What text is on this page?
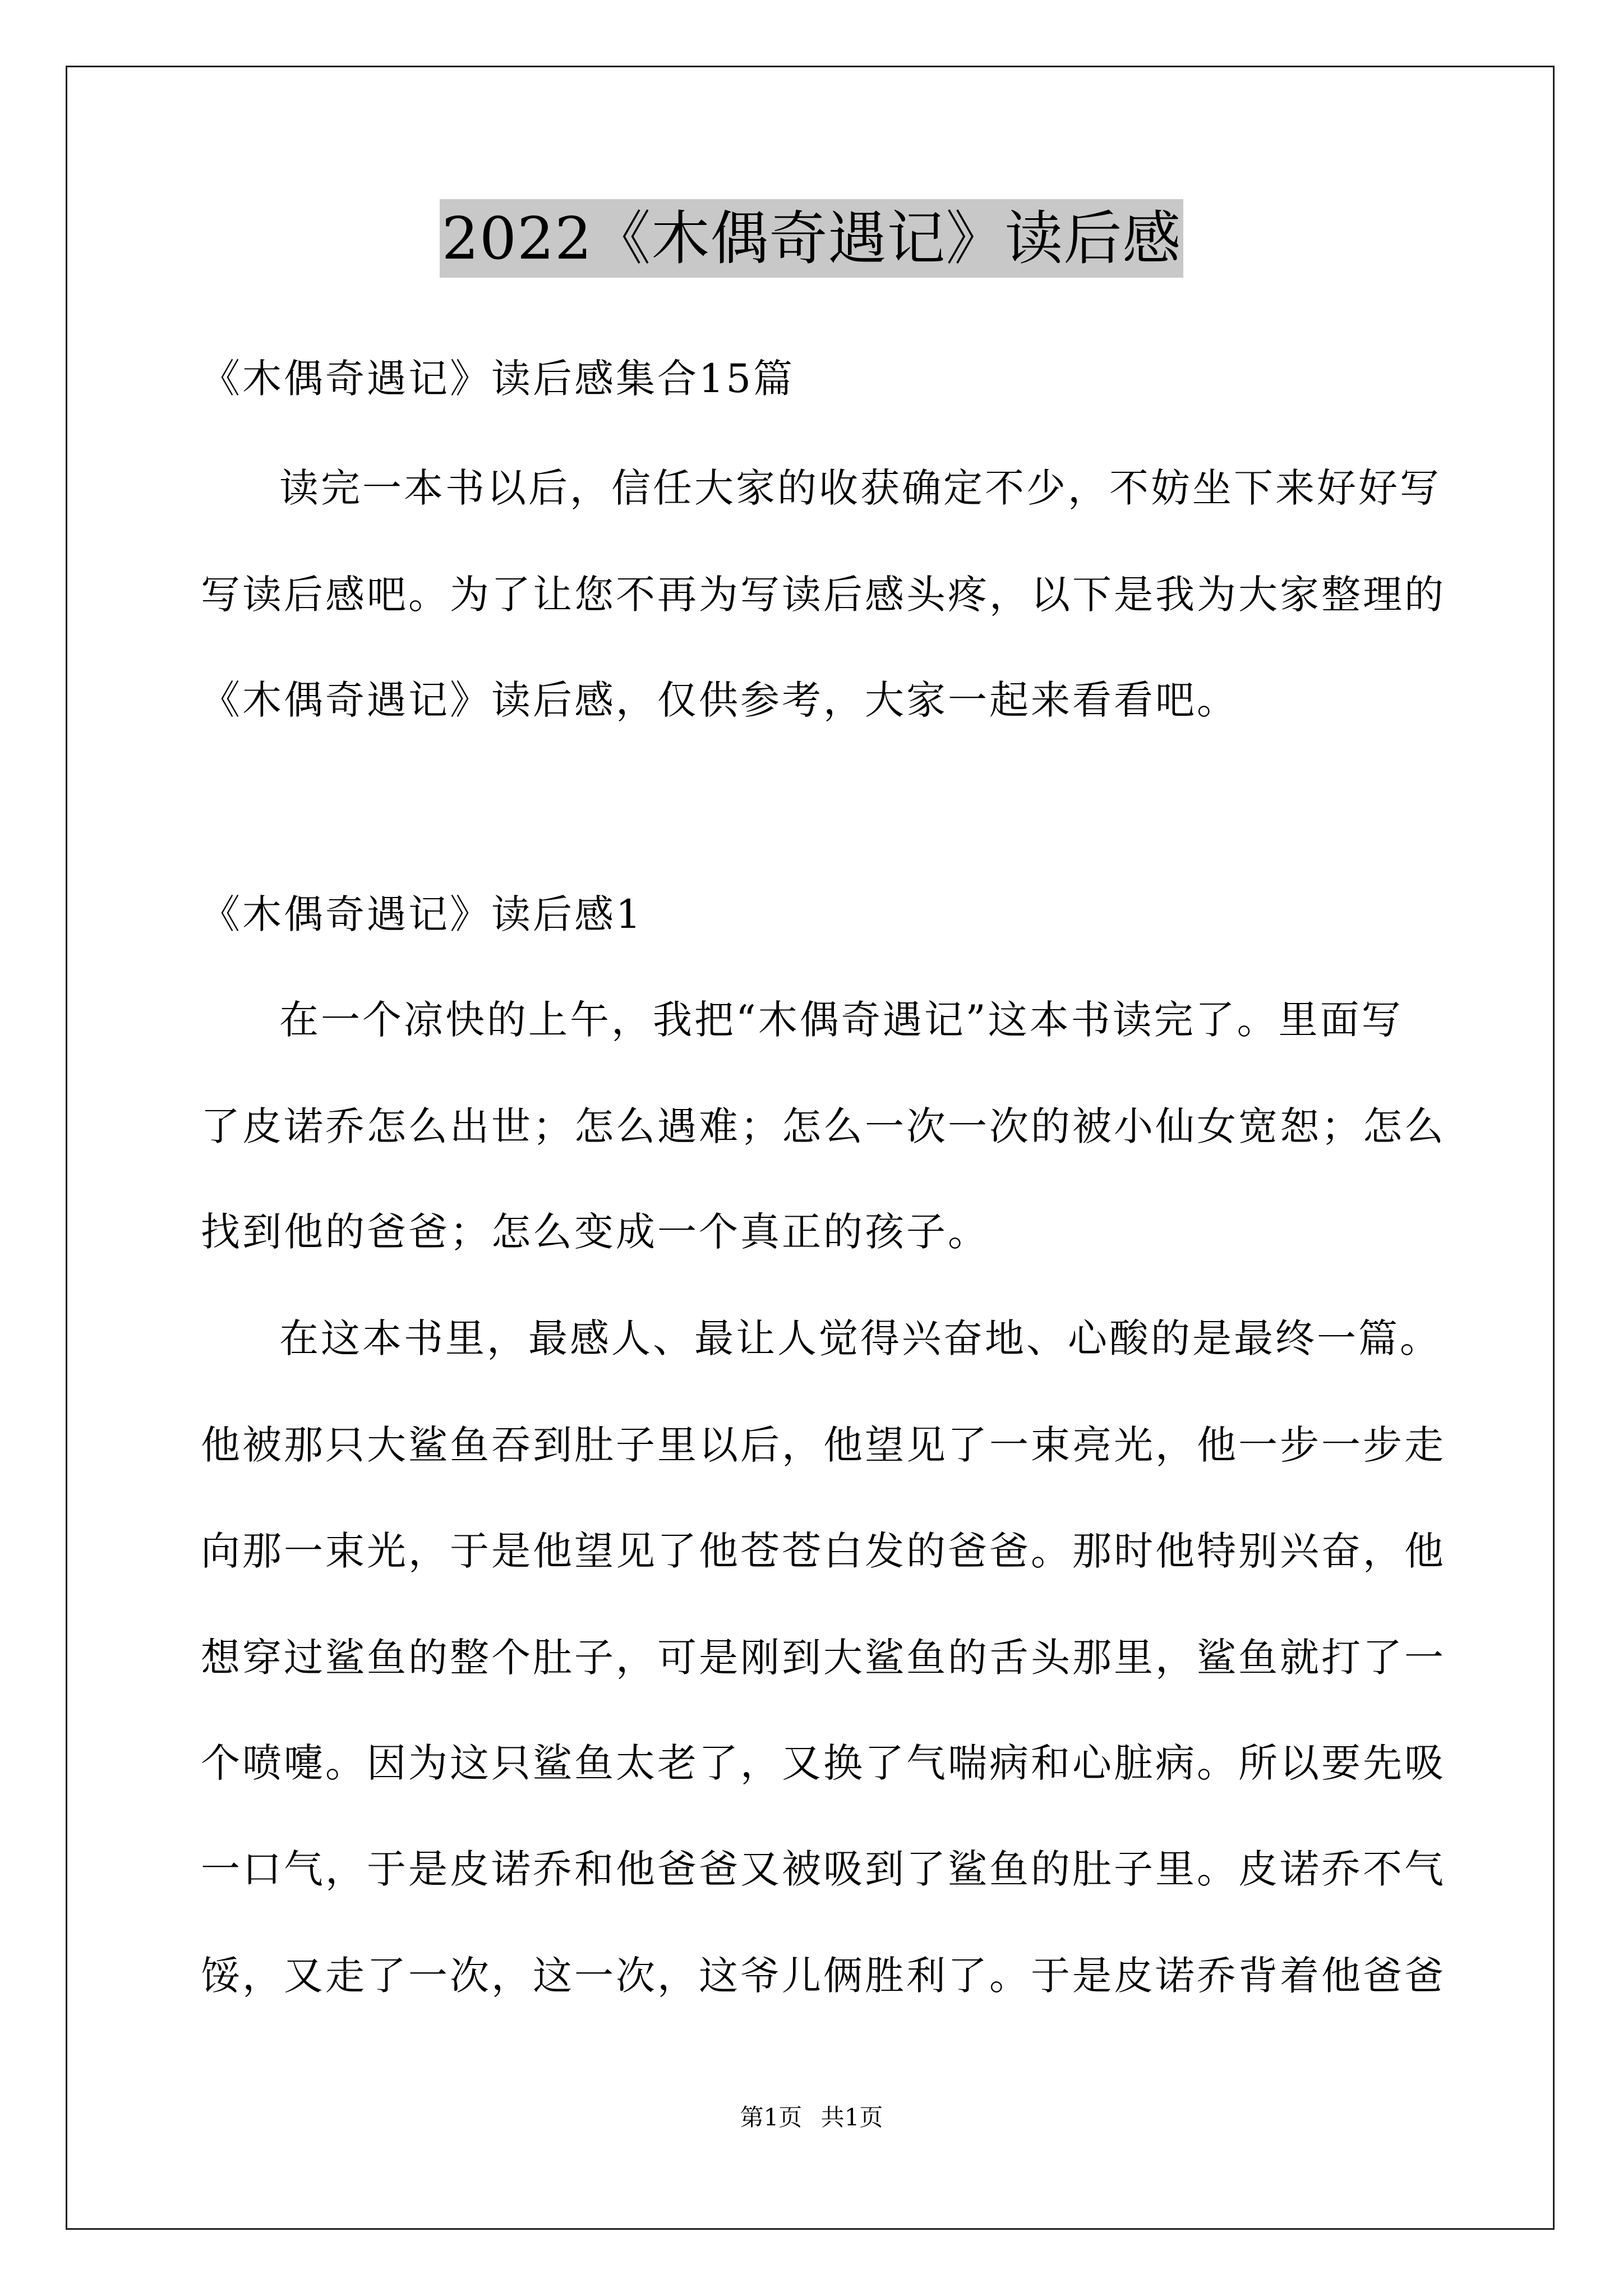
2022《木偶奇遇记》读后感
《木偶奇遇记》读后感集合15篇
读完一本书以后，信任大家的收获确定不少，不妨坐下来好好写
写读后感吧。为了让您不再为写读后感头疼，以下是我为大家整理的
《木偶奇遇记》读后感，仅供参考，大家一起来看看吧。
《木偶奇遇记》读后感1
在一个凉快的上午，我把“木偶奇遇记”这本书读完了。里面写
了皮诺乔怎么出世；怎么遇难；怎么一次一次的被小仙女宽恕；怎么
找到他的爸爸；怎么变成一个真正的孩子。
在这本书里，最感人、最让人觉得兴奋地、心酸的是最终一篇。
他被那只大鲨鱼吞到肚子里以后，他望见了一束亮光，他一步一步走
向那一束光，于是他望见了他苍苍白发的爸爸。那时他特别兴奋，他
想穿过鲨鱼的整个肚子，可是刚到大鲨鱼的舌头那里，鲨鱼就打了一
个喷嚏。因为这只鲨鱼太老了，又换了气喘病和心脏病。所以要先吸
一口气，于是皮诺乔和他爸爸又被吸到了鲨鱼的肚子里。皮诺乔不气
馁，又走了一次，这一次，这爷儿俩胜利了。于是皮诺乔背着他爸爸
第1页 共1页
